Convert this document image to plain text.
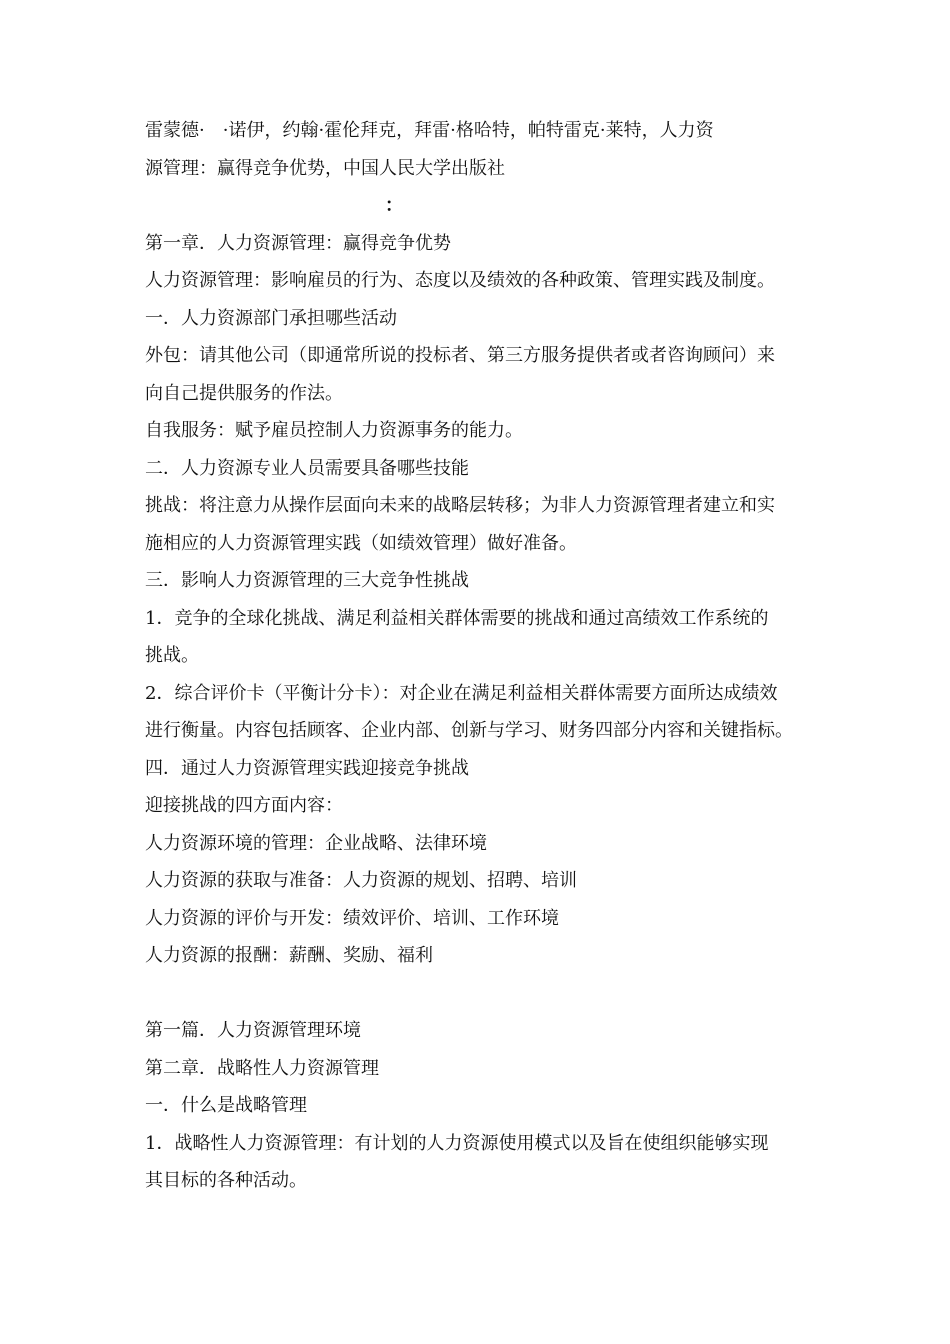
雷蒙德·　·诺伊，约翰·霍伦拜克，拜雷·格哈特，帕特雷克·莱特，人力资
源管理：赢得竞争优势，中国人民大学出版社
：
第一章．人力资源管理：赢得竞争优势
人力资源管理：影响雇员的行为、态度以及绩效的各种政策、管理实践及制度。
一．人力资源部门承担哪些活动
外包：请其他公司（即通常所说的投标者、第三方服务提供者或者咨询顾问）来
向自己提供服务的作法。
自我服务：赋予雇员控制人力资源事务的能力。
二．人力资源专业人员需要具备哪些技能
挑战：将注意力从操作层面向未来的战略层转移；为非人力资源管理者建立和实
施相应的人力资源管理实践（如绩效管理）做好准备。
三．影响人力资源管理的三大竞争性挑战
1．竞争的全球化挑战、满足利益相关群体需要的挑战和通过高绩效工作系统的
挑战。
2．综合评价卡（平衡计分卡）：对企业在满足利益相关群体需要方面所达成绩效
进行衡量。内容包括顾客、企业内部、创新与学习、财务四部分内容和关键指标。
四．通过人力资源管理实践迎接竞争挑战
迎接挑战的四方面内容：
人力资源环境的管理：企业战略、法律环境
人力资源的获取与准备：人力资源的规划、招聘、培训
人力资源的评价与开发：绩效评价、培训、工作环境
人力资源的报酬：薪酬、奖励、福利
第一篇．人力资源管理环境
第二章．战略性人力资源管理
一．什么是战略管理
1．战略性人力资源管理：有计划的人力资源使用模式以及旨在使组织能够实现
其目标的各种活动。
